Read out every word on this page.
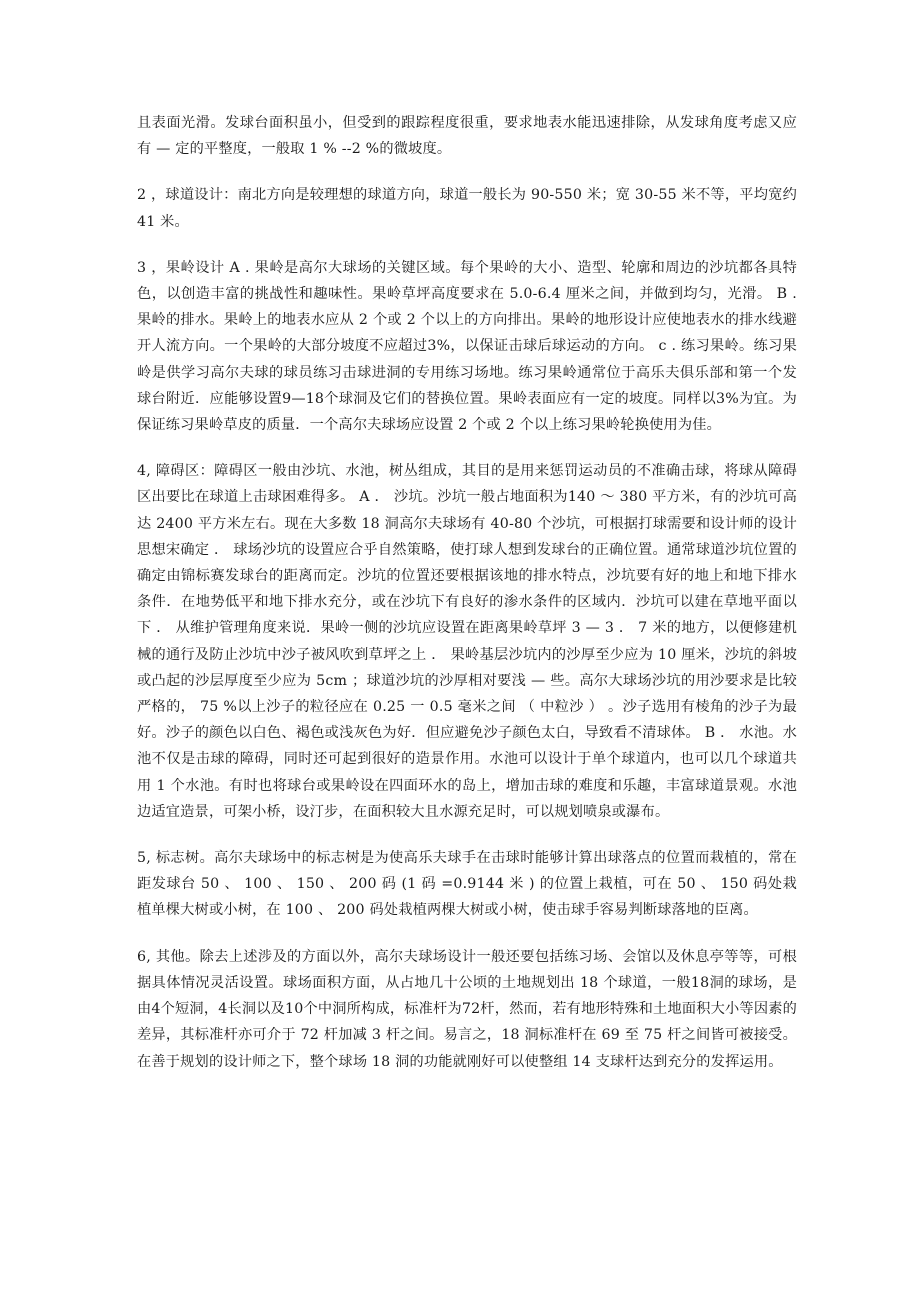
且表面光滑。发球台面积虽小，但受到的跟踪程度很重，要求地表水能迅速排除，从发球角度考虑又应有 — 定的平整度，一般取 1 % --2 %的微坡度。

2 ，球道设计：南北方向是较理想的球道方向，球道一般长为 90-550 米；宽 30-55 米不等，平均宽约 41 米。

3 ，果岭设计 A . 果岭是高尔大球场的关键区域。每个果岭的大小、造型、轮廓和周边的沙坑都各具特色，以创造丰富的挑战性和趣味性。果岭草坪高度要求在 5.0-6.4 厘米之间，并做到均匀，光滑。 B . 果岭的排水。果岭上的地表水应从 2 个或 2 个以上的方向排出。果岭的地形设计应使地表水的排水线避开人流方向。一个果岭的大部分坡度不应超过3%，以保证击球后球运动的方向。 c . 练习果岭。练习果岭是供学习高尔夫球的球员练习击球进洞的专用练习场地。练习果岭通常位于高乐夫俱乐部和第一个发球台附近．应能够设置9—18个球洞及它们的替换位置。果岭表面应有一定的坡度。同样以3%为宜。为保证练习果岭草皮的质量．一个高尔夫球场应设置 2 个或 2 个以上练习果岭轮换使用为佳。

4, 障碍区：障碍区一般由沙坑、水池，树丛组成，其目的是用来惩罚运动员的不准确击球，将球从障碍区出要比在球道上击球困难得多。 A ． 沙坑。沙坑一般占地面积为140 ～ 380 平方米，有的沙坑可高达 2400 平方米左右。现在大多数 18 洞高尔夫球场有 40-80 个沙坑，可根据打球需要和设计师的设计思想宋确定 ． 球场沙坑的设置应合乎自然策略，使打球人想到发球台的正确位置。通常球道沙坑位置的确定由锦标赛发球台的距离而定。沙坑的位置还要根据该地的排水特点，沙坑要有好的地上和地下排水条件．在地势低平和地下排水充分，或在沙坑下有良好的渗水条件的区域内．沙坑可以建在草地平面以下 ． 从维护管理角度来说．果岭一侧的沙坑应设置在距离果岭草坪 3 — 3 ． 7 米的地方，以便修建机械的通行及防止沙坑中沙子被风吹到草坪之上 ． 果岭基层沙坑内的沙厚至少应为 10 厘米，沙坑的斜坡或凸起的沙层厚度至少应为 5cm ；球道沙坑的沙厚相对要浅 — 些。高尔大球场沙坑的用沙要求是比较严格的， 75 %以上沙子的粒径应在 0.25 一 0.5 毫米之间 （ 中粒沙 ） 。沙子选用有棱角的沙子为最好。沙子的颜色以白色、褐色或浅灰色为好．但应避免沙子颜色太白，导致看不清球体。 B ． 水池。水池不仅是击球的障碍，同时还可起到很好的造景作用。水池可以设计于单个球道内，也可以几个球道共用 1 个水池。有时也将球台或果岭设在四面环水的岛上，增加击球的难度和乐趣，丰富球道景观。水池边适宜造景，可架小桥，设汀步，在面积较大且水源充足时，可以规划喷泉或瀑布。

5, 标志树。高尔夫球场中的标志树是为使高乐夫球手在击球时能够计算出球落点的位置而栽植的，常在距发球台 50 、 100 、 150 、 200 码 (1 码 =0.9144 米 ) 的位置上栽植，可在 50 、 150 码处栽植单棵大树或小树，在 100 、 200 码处栽植两棵大树或小树，使击球手容易判断球落地的臣离。

6, 其他。除去上述涉及的方面以外，高尔夫球场设计一般还要包括练习场、会馆以及休息亭等等，可根据具体情况灵活设置。球场面积方面，从占地几十公顷的土地规划出 18 个球道，一般18洞的球场，是由4个短洞，4长洞以及10个中洞所构成，标准杆为72杆，然而，若有地形特殊和土地面积大小等因素的差异，其标准杆亦可介于 72 杆加减 3 杆之间。易言之，18 洞标准杆在 69 至 75 杆之间皆可被接受。在善于规划的设计师之下，整个球场 18 洞的功能就刚好可以使整组 14 支球杆达到充分的发挥运用。
